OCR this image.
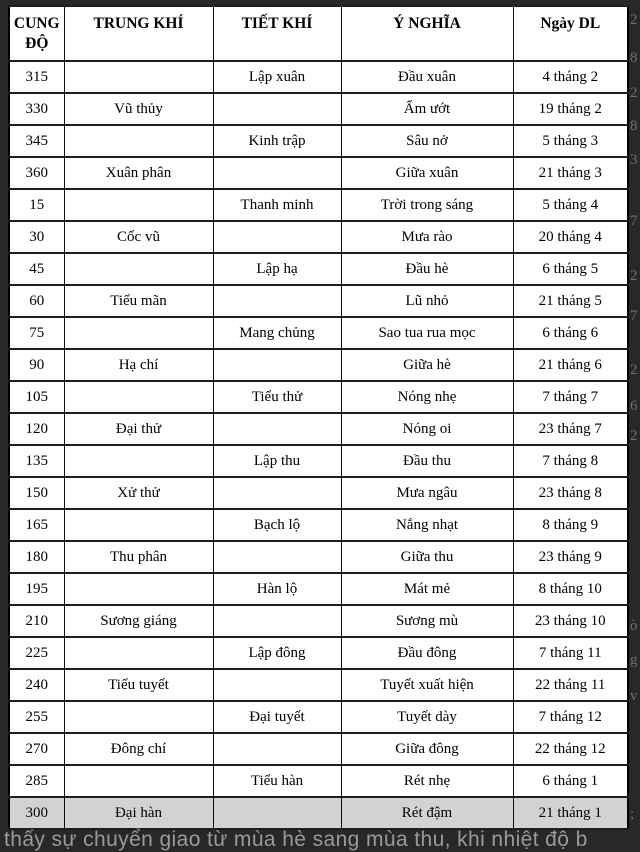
CUNG ĐỘ	TRUNG KHÍ	TIẾT KHÍ	Ý NGHĨA	Ngày DL
315		Lập xuân	Đầu xuân	4 tháng 2
330	Vũ thủy		Ẩm ướt	19 tháng 2
345		Kinh trập	Sâu nở	5 tháng 3
360	Xuân phân		Giữa xuân	21 tháng 3
15		Thanh minh	Trời trong sáng	5 tháng 4
30	Cốc vũ		Mưa rào	20 tháng 4
45		Lập hạ	Đầu hè	6 tháng 5
60	Tiểu mãn		Lũ nhỏ	21 tháng 5
75		Mang chủng	Sao tua rua mọc	6 tháng 6
90	Hạ chí		Giữa hè	21 tháng 6
105		Tiểu thử	Nóng nhẹ	7 tháng 7
120	Đại thử		Nóng oi	23 tháng 7
135		Lập thu	Đầu thu	7 tháng 8
150	Xử thử		Mưa ngâu	23 tháng 8
165		Bạch lộ	Nắng nhạt	8 tháng 9
180	Thu phân		Giữa thu	23 tháng 9
195		Hàn lộ	Mát mẻ	8 tháng 10
210	Sương giáng		Sương mù	23 tháng 10
225		Lập đông	Đầu đông	7 tháng 11
240	Tiểu tuyết		Tuyết xuất hiện	22 tháng 11
255		Đại tuyết	Tuyết dày	7 tháng 12
270	Đông chí		Giữa đông	22 tháng 12
285		Tiểu hàn	Rét nhẹ	6 tháng 1
300	Đại hàn		Rét đậm	21 tháng 1
thấy sự chuyển giao từ mùa hè sang mùa thu, khi nhiệt độ b
2
8
2
8
3
7
2
7
2
6
2
ò
g
v
;
